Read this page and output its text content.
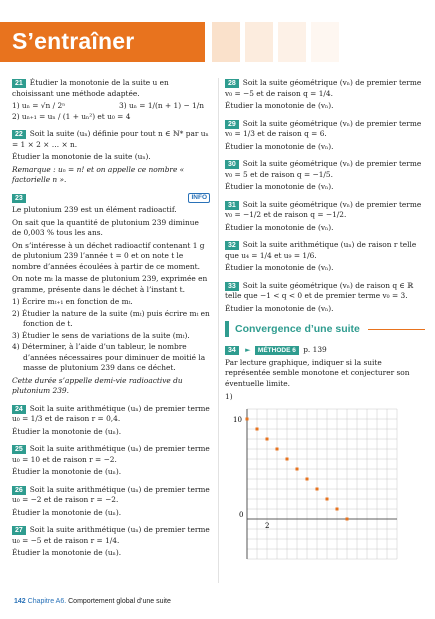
S’entraîner

21 Étudier la monotonie de la suite u en choisissant une méthode adaptée.

1) uₙ = √n / 2ⁿ	3) uₙ = 1/(n + 1) − 1/n
2) uₙ₊₁ = uₙ / (1 + uₙ²) et u₀ = 4

22 Soit la suite (uₙ) définie pour tout n ∈ ℕ* par uₙ = 1 × 2 × … × n.

Étudier la monotonie de la suite (uₙ).

Remarque : uₙ = n! et on appelle ce nombre « factorielle n ».

23	INFO

Le plutonium 239 est un élément radioactif.

On sait que la quantité de plutonium 239 diminue de 0,003 % tous les ans.

On s’intéresse à un déchet radioactif contenant 1 g de plutonium 239 l’année t = 0 et on note t le nombre d’années écoulées à partir de ce moment.

On note mₜ la masse de plutonium 239, exprimée en gramme, présente dans le déchet à l’instant t.

1) Écrire mₜ₊₁ en fonction de mₜ.
2) Étudier la nature de la suite (mₜ) puis écrire mₜ en fonction de t.
3) Étudier le sens de variations de la suite (mₜ).
4) Déterminer, à l’aide d’un tableur, le nombre d’années nécessaires pour diminuer de moitié la masse de plutonium 239 dans ce déchet.

Cette durée s’appelle demi-vie radioactive du plutonium 239.

24 Soit la suite arithmétique (uₙ) de premier terme u₀ = 1/3 et de raison r = 0,4.

Étudier la monotonie de (uₙ).

25 Soit la suite arithmétique (uₙ) de premier terme u₀ = 10 et de raison r = −2.

Étudier la monotonie de (uₙ).

26 Soit la suite arithmétique (uₙ) de premier terme u₀ = −2 et de raison r = −2.

Étudier la monotonie de (uₙ).

27 Soit la suite arithmétique (uₙ) de premier terme u₀ = −5 et de raison r = 1/4.

Étudier la monotonie de (uₙ).

28 Soit la suite géométrique (vₙ) de premier terme v₀ = −5 et de raison q = 1/4.

Étudier la monotonie de (vₙ).

29 Soit la suite géométrique (vₙ) de premier terme v₀ = 1/3 et de raison q = 6.

Étudier la monotonie de (vₙ).

30 Soit la suite géométrique (vₙ) de premier terme v₀ = 5 et de raison q = −1/5.

Étudier la monotonie de (vₙ).

31 Soit la suite géométrique (vₙ) de premier terme v₀ = −1/2 et de raison q = −1/2.

Étudier la monotonie de (vₙ).

32 Soit la suite arithmétique (uₙ) de raison r telle que u₄ = 1/4 et u₉ = 1/6.

Étudier la monotonie de (vₙ).

33 Soit la suite géométrique (vₙ) de raison q ∈ ℝ telle que −1 < q < 0 et de premier terme v₀ = 3.

Étudier la monotonie de (vₙ).

Convergence d’une suite

34 ► MÉTHODE 6 p. 139

Par lecture graphique, indiquer si la suite représentée semble monotone et conjecturer son éventuelle limite.

1)

10
0
2
142 Chapitre A6. Comportement global d’une suite
